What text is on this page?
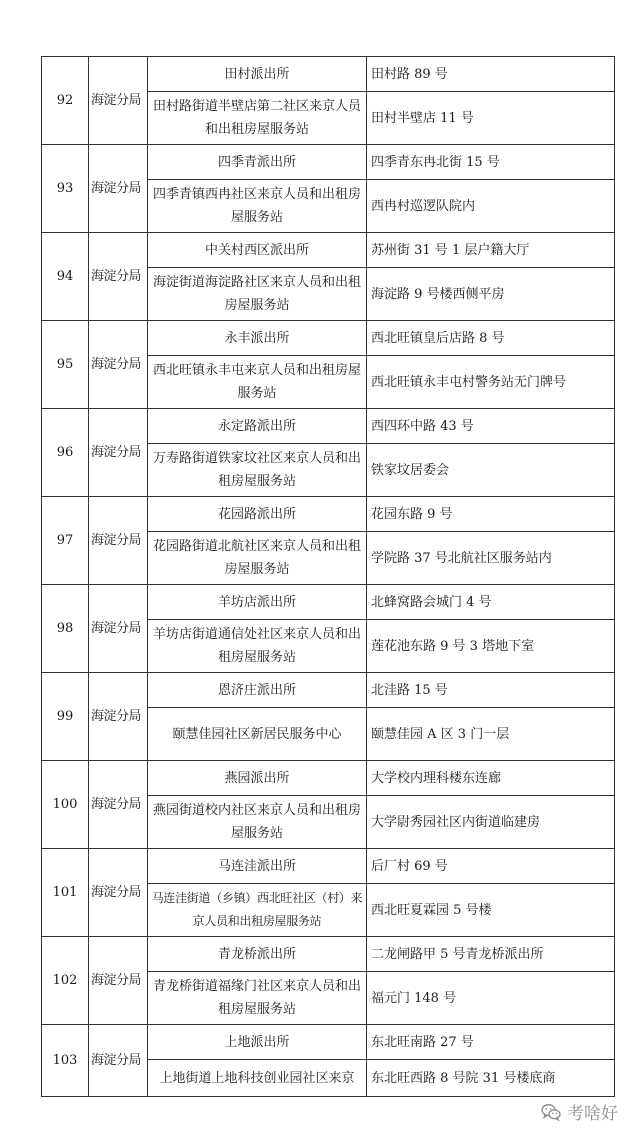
92	海淀分局	田村派出所	田村路 89 号
		田村路街道半壁店第二社区来京人员和出租房屋服务站	田村半壁店 11 号
93	海淀分局	四季青派出所	四季青东冉北街 15 号
		四季青镇西冉社区来京人员和出租房屋服务站	西冉村巡逻队院内
94	海淀分局	中关村西区派出所	苏州街 31 号 1 层户籍大厅
		海淀街道海淀路社区来京人员和出租房屋服务站	海淀路 9 号楼西侧平房
95	海淀分局	永丰派出所	西北旺镇皇后店路 8 号
		西北旺镇永丰屯来京人员和出租房屋服务站	西北旺镇永丰屯村警务站无门牌号
96	海淀分局	永定路派出所	西四环中路 43 号
		万寿路街道铁家坟社区来京人员和出租房屋服务站	铁家坟居委会
97	海淀分局	花园路派出所	花园东路 9 号
		花园路街道北航社区来京人员和出租房屋服务站	学院路 37 号北航社区服务站内
98	海淀分局	羊坊店派出所	北蜂窝路会城门 4 号
		羊坊店街道通信处社区来京人员和出租房屋服务站	莲花池东路 9 号 3 塔地下室
99	海淀分局	恩济庄派出所	北洼路 15 号
		颐慧佳园社区新居民服务中心	颐慧佳园 A 区 3 门一层
100	海淀分局	燕园派出所	大学校内理科楼东连廊
		燕园街道校内社区来京人员和出租房屋服务站	大学尉秀园社区内街道临建房
101	海淀分局	马连洼派出所	后厂村 69 号
		马连洼街道（乡镇）西北旺社区（村）来京人员和出租房屋服务站	西北旺夏霖园 5 号楼
102	海淀分局	青龙桥派出所	二龙闸路甲 5 号青龙桥派出所
		青龙桥街道福缘门社区来京人员和出租房屋服务站	福元门 148 号
103	海淀分局	上地派出所	东北旺南路 27 号
		上地街道上地科技创业园社区来京	东北旺西路 8 号院 31 号楼底商
考啥好
